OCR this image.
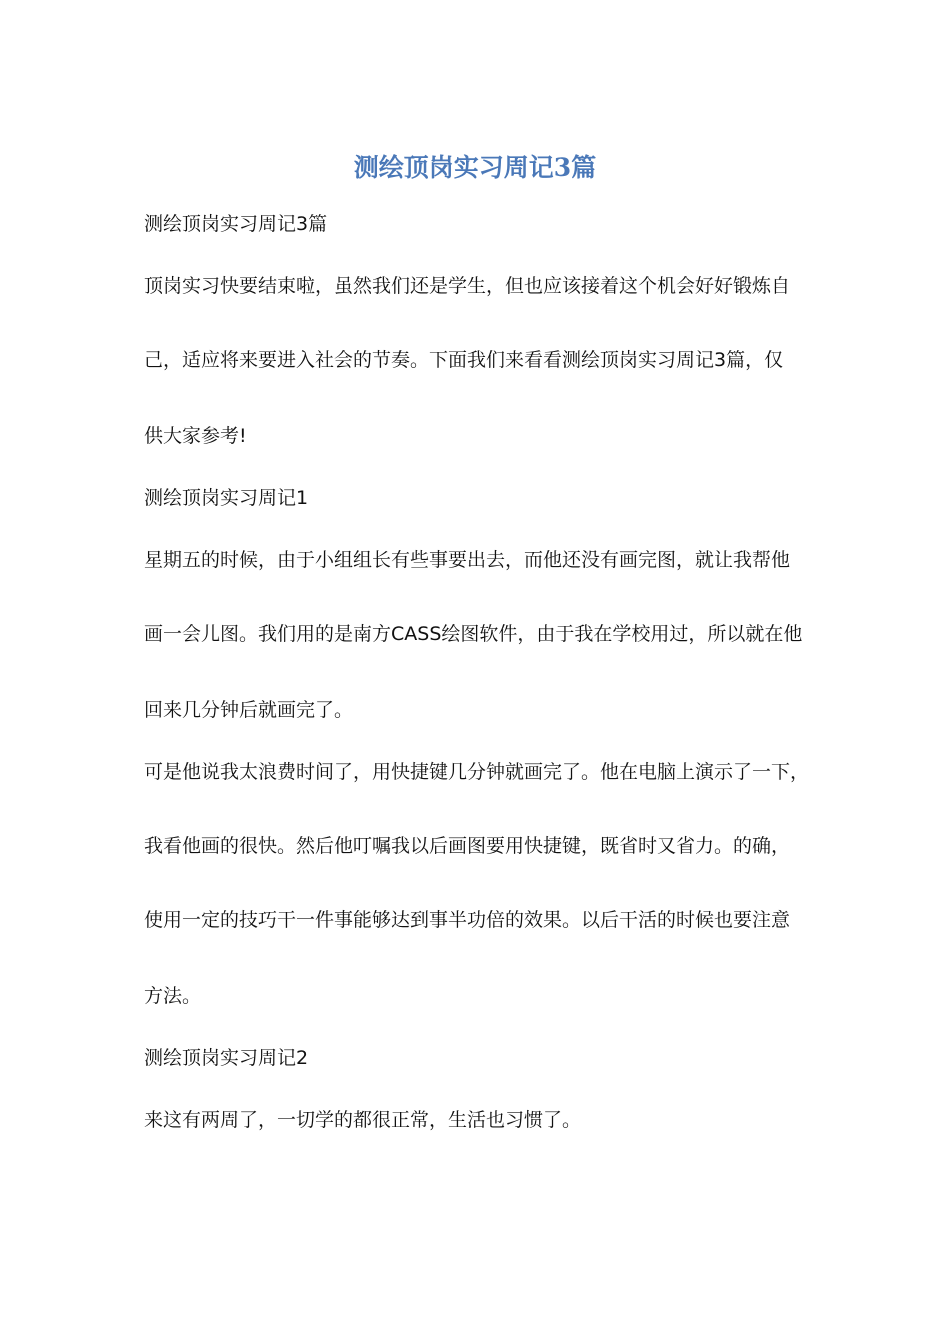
测绘顶岗实习周记3篇

测绘顶岗实习周记3篇

顶岗实习快要结束啦，虽然我们还是学生，但也应该接着这个机会好好锻炼自

己，适应将来要进入社会的节奏。下面我们来看看测绘顶岗实习周记3篇，仅

供大家参考!

测绘顶岗实习周记1

星期五的时候，由于小组组长有些事要出去，而他还没有画完图，就让我帮他

画一会儿图。我们用的是南方CASS绘图软件，由于我在学校用过，所以就在他

回来几分钟后就画完了。

可是他说我太浪费时间了，用快捷键几分钟就画完了。他在电脑上演示了一下，

我看他画的很快。然后他叮嘱我以后画图要用快捷键，既省时又省力。的确，

使用一定的技巧干一件事能够达到事半功倍的效果。以后干活的时候也要注意

方法。

测绘顶岗实习周记2

来这有两周了，一切学的都很正常，生活也习惯了。
